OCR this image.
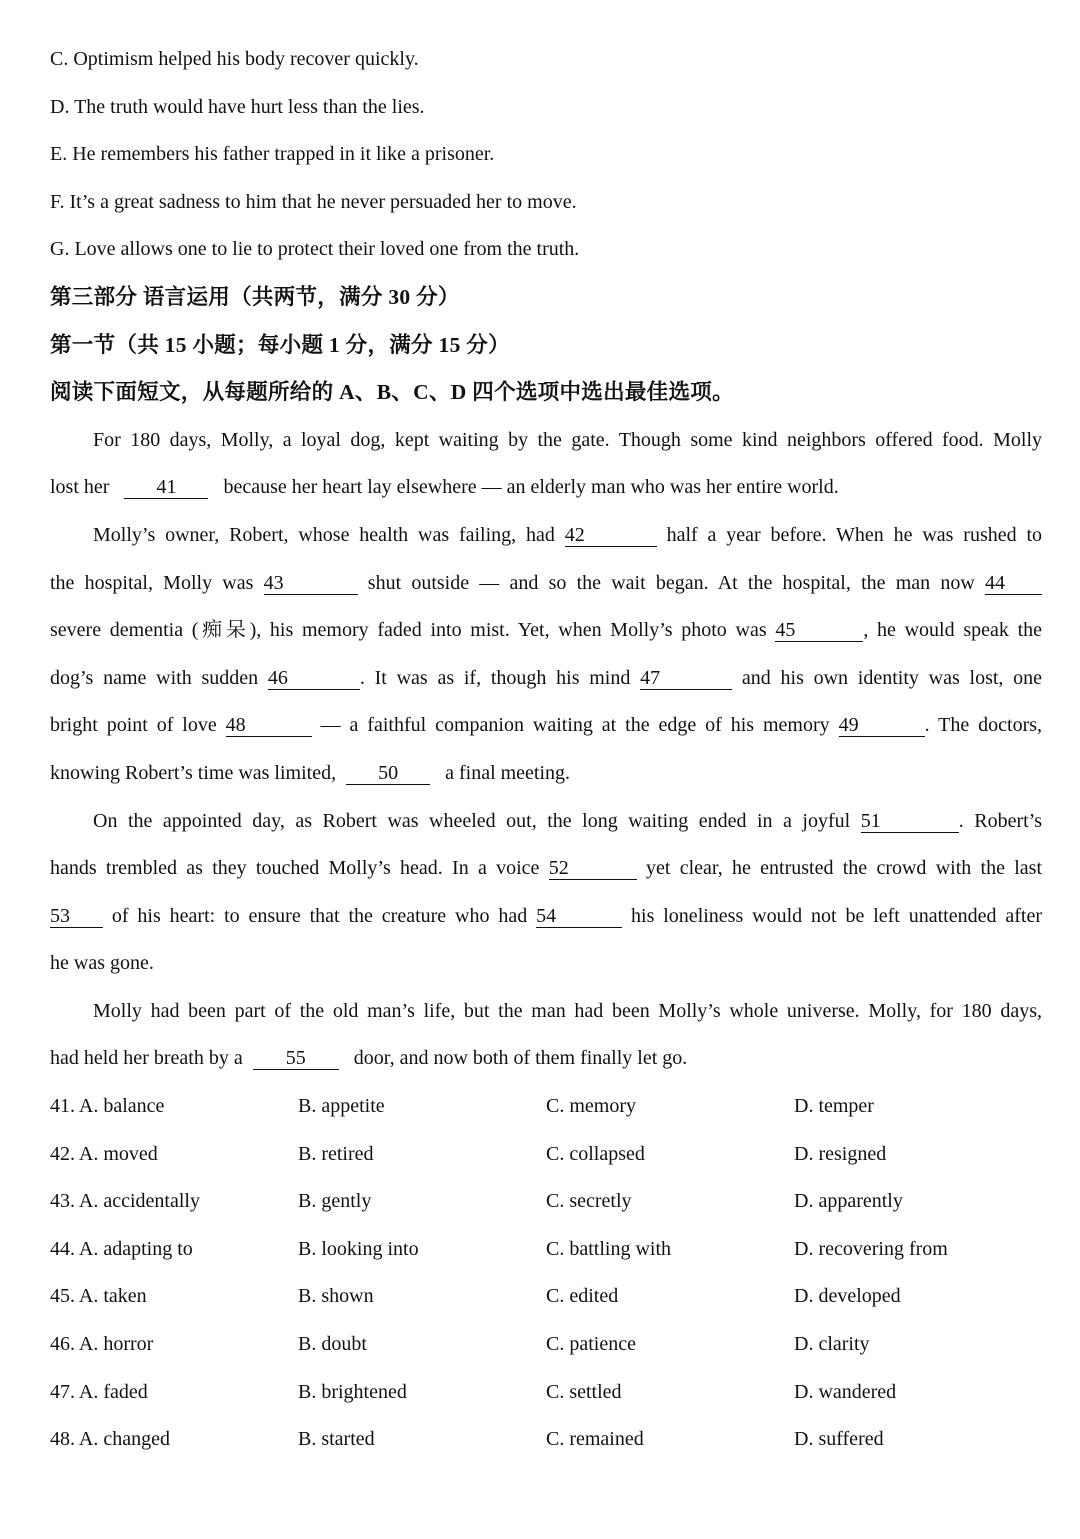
C. Optimism helped his body recover quickly.

D. The truth would have hurt less than the lies.

E. He remembers his father trapped in it like a prisoner.

F. It’s a great sadness to him that he never persuaded her to move.

G. Love allows one to lie to protect their loved one from the truth.

第三部分 语言运用（共两节，满分 30 分）

第一节（共 15 小题；每小题 1 分，满分 15 分）

阅读下面短文，从每题所给的 A、B、C、D 四个选项中选出最佳选项。

For 180 days, Molly, a loyal dog, kept waiting by the gate. Though some kind neighbors offered food. Molly

lost her 41 because her heart lay elsewhere — an elderly man who was her entire world.

Molly’s owner, Robert, whose health was failing, had 42	half a year before. When he was rushed to

the hospital, Molly was 43	shut outside — and so the wait began. At the hospital, the man now 44

severe dementia (痴呆), his memory faded into mist. Yet, when Molly’s photo was 45	, he would speak the

dog’s name with sudden 46	. It was as if, though his mind 47	and his own identity was lost, one

bright point of love 48	— a faithful companion waiting at the edge of his memory 49	. The doctors,

knowing Robert’s time was limited, 50 a final meeting.

On the appointed day, as Robert was wheeled out, the long waiting ended in a joyful 51	. Robert’s

hands trembled as they touched Molly’s head. In a voice 52	yet clear, he entrusted the crowd with the last

53 of his heart: to ensure that the creature who had 54	his loneliness would not be left unattended after

he was gone.

Molly had been part of the old man’s life, but the man had been Molly’s whole universe. Molly, for 180 days,

had held her breath by a 55 door, and now both of them finally let go.

41. A. balance	B. appetite	C. memory	D. temper
42. A. moved	B. retired	C. collapsed	D. resigned
43. A. accidentally	B. gently	C. secretly	D. apparently
44. A. adapting to	B. looking into	C. battling with	D. recovering from
45. A. taken	B. shown	C. edited	D. developed
46. A. horror	B. doubt	C. patience	D. clarity
47. A. faded	B. brightened	C. settled	D. wandered
48. A. changed	B. started	C. remained	D. suffered
